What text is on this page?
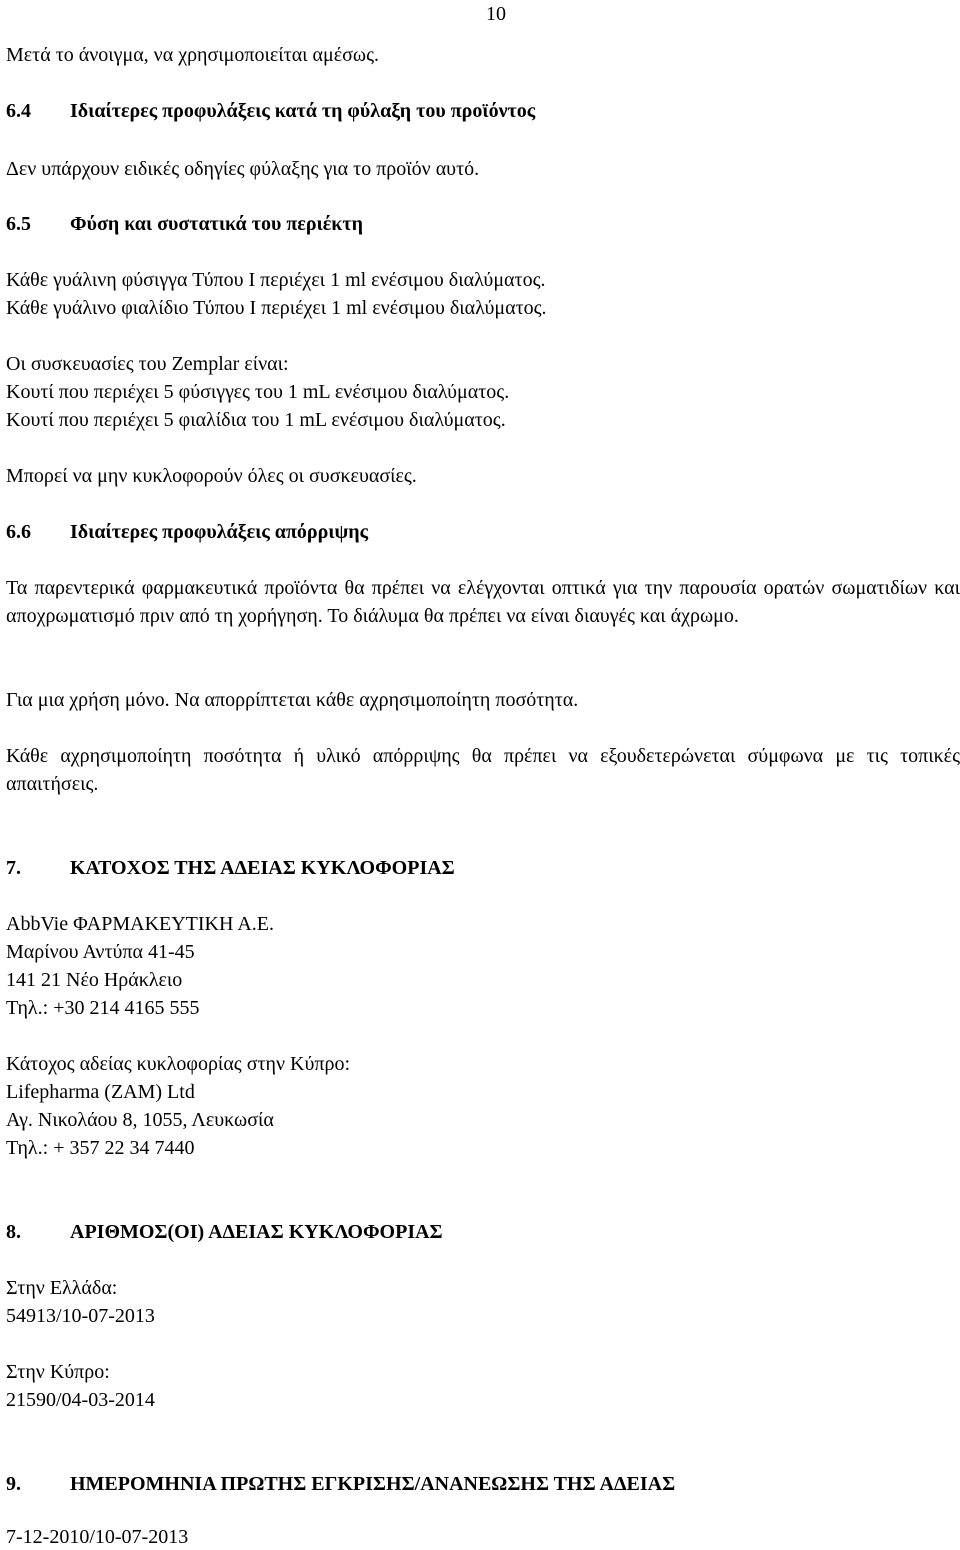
10
Μετά το άνοιγμα, να χρησιμοποιείται αμέσως.
6.4 Ιδιαίτερες προφυλάξεις κατά τη φύλαξη του προϊόντος
Δεν υπάρχουν ειδικές οδηγίες φύλαξης για το προϊόν αυτό.
6.5 Φύση και συστατικά του περιέκτη
Κάθε γυάλινη φύσιγγα Τύπου I περιέχει 1 ml ενέσιμου διαλύματος.
Κάθε γυάλινο φιαλίδιο Τύπου I περιέχει 1 ml ενέσιμου διαλύματος.
Οι συσκευασίες του Zemplar είναι:
Κουτί που περιέχει 5 φύσιγγες του 1 mL ενέσιμου διαλύματος.
Κουτί που περιέχει 5 φιαλίδια του 1 mL ενέσιμου διαλύματος.
Μπορεί να μην κυκλοφορούν όλες οι συσκευασίες.
6.6 Ιδιαίτερες προφυλάξεις απόρριψης
Τα παρεντερικά φαρμακευτικά προϊόντα θα πρέπει να ελέγχονται οπτικά για την παρουσία ορατών σωματιδίων και αποχρωματισμό πριν από τη χορήγηση. Το διάλυμα θα πρέπει να είναι διαυγές και άχρωμο.
Για μια χρήση μόνο. Να απορρίπτεται κάθε αχρησιμοποίητη ποσότητα.
Κάθε αχρησιμοποίητη ποσότητα ή υλικό απόρριψης θα πρέπει να εξουδετερώνεται σύμφωνα με τις τοπικές απαιτήσεις.
7. ΚΑΤΟΧΟΣ ΤΗΣ ΑΔΕΙΑΣ ΚΥΚΛΟΦΟΡΙΑΣ
AbbVie ΦΑΡΜΑΚΕΥΤΙΚΗ Α.Ε.
Μαρίνου Αντύπα 41-45
141 21 Νέο Ηράκλειο
Τηλ.: +30 214 4165 555
Κάτοχος αδείας κυκλοφορίας στην Κύπρο:
Lifepharma (ZAM) Ltd
Αγ. Νικολάου 8, 1055, Λευκωσία
Τηλ.: + 357 22 34 7440
8. ΑΡΙΘΜΟΣ(ΟΙ) ΑΔΕΙΑΣ ΚΥΚΛΟΦΟΡΙΑΣ
Στην Ελλάδα:
54913/10-07-2013
Στην Κύπρο:
21590/04-03-2014
9. ΗΜΕΡΟΜΗΝΙΑ ΠΡΩΤΗΣ ΕΓΚΡΙΣΗΣ/ΑΝΑΝΕΩΣΗΣ ΤΗΣ ΑΔΕΙΑΣ
7-12-2010/10-07-2013
